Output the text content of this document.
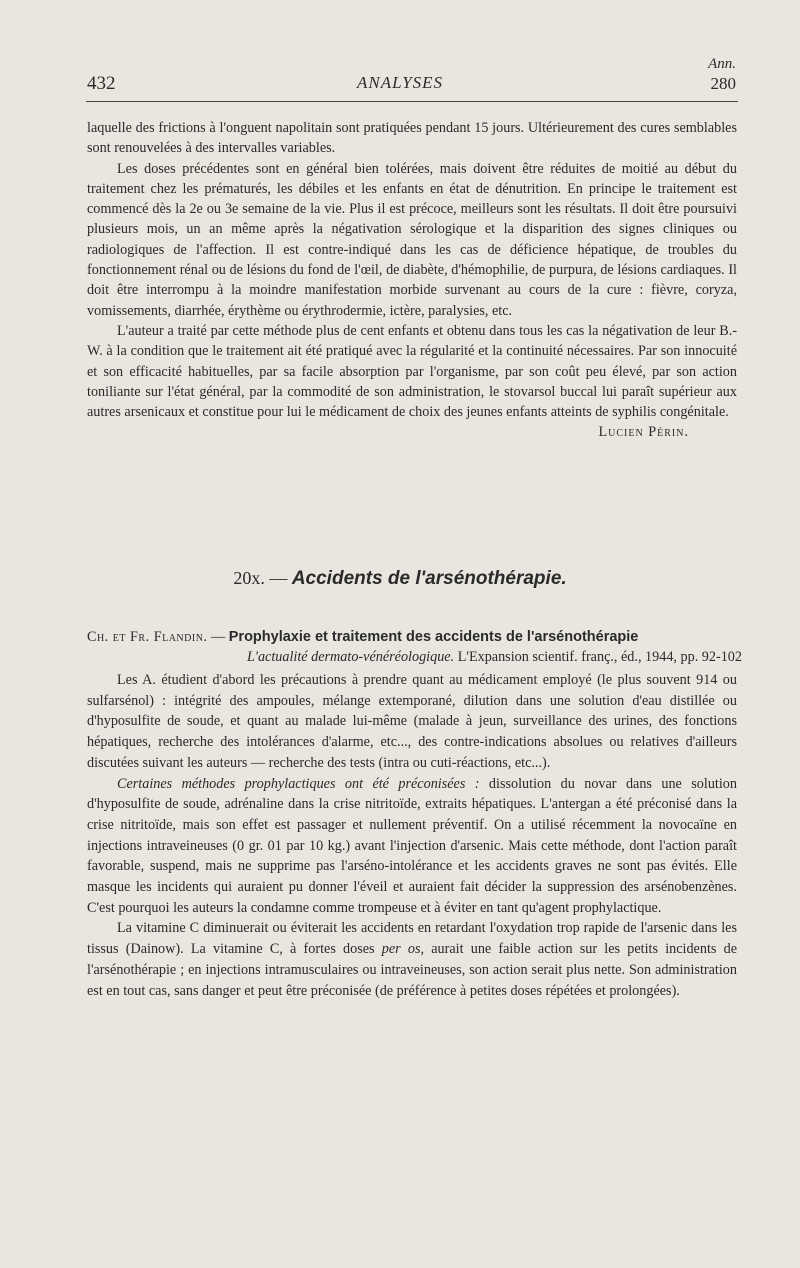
Ann.
432	ANALYSES	280

laquelle des frictions à l'onguent napolitain sont pratiquées pendant 15 jours. Ultérieurement des cures semblables sont renouvelées à des intervalles variables.

Les doses précédentes sont en général bien tolérées, mais doivent être réduites de moitié au début du traitement chez les prématurés, les débiles et les enfants en état de dénutrition. En principe le traitement est commencé dès la 2e ou 3e semaine de la vie. Plus il est précoce, meilleurs sont les résultats. Il doit être poursuivi plusieurs mois, un an même après la négativation sérologique et la disparition des signes cliniques ou radiologiques de l'affection. Il est contre-indiqué dans les cas de déficience hépatique, de troubles du fonctionnement rénal ou de lésions du fond de l'œil, de diabète, d'hémophilie, de purpura, de lésions cardiaques. Il doit être interrompu à la moindre manifestation morbide survenant au cours de la cure : fièvre, coryza, vomissements, diarrhée, érythème ou érythrodermie, ictère, paralysies, etc.

L'auteur a traité par cette méthode plus de cent enfants et obtenu dans tous les cas la négativation de leur B.-W. à la condition que le traitement ait été pratiqué avec la régularité et la continuité nécessaires. Par son innocuité et son efficacité habituelles, par sa facile absorption par l'organisme, par son coût peu élevé, par son action toniliante sur l'état général, par la commodité de son administration, le stovarsol buccal lui paraît supérieur aux autres arsenicaux et constitue pour lui le médicament de choix des jeunes enfants atteints de syphilis congénitale.

Lucien Périn.

20x. — Accidents de l'arsénothérapie.
Ch. et Fr. Flandin. — Prophylaxie et traitement des accidents de l'arsénothérapie
L'actualité dermato-vénéréologique. L'Expansion scientif. franç., éd., 1944, pp. 92-102

Les A. étudient d'abord les précautions à prendre quant au médicament employé (le plus souvent 914 ou sulfarsénol) : intégrité des ampoules, mélange extemporané, dilution dans une solution d'eau distillée ou d'hyposulfite de soude, et quant au malade lui-même (malade à jeun, surveillance des urines, des fonctions hépatiques, recherche des intolérances d'alarme, etc..., des contre-indications absolues ou relatives d'ailleurs discutées suivant les auteurs — recherche des tests (intra ou cuti-réactions, etc...).

Certaines méthodes prophylactiques ont été préconisées : dissolution du novar dans une solution d'hyposulfite de soude, adrénaline dans la crise nitritoïde, extraits hépatiques. L'antergan a été préconisé dans la crise nitritoïde, mais son effet est passager et nullement préventif. On a utilisé récemment la novocaïne en injections intraveineuses (0 gr. 01 par 10 kg.) avant l'injection d'arsenic. Mais cette méthode, dont l'action paraît favorable, suspend, mais ne supprime pas l'arséno-intolérance et les accidents graves ne sont pas évités. Elle masque les incidents qui auraient pu donner l'éveil et auraient fait décider la suppression des arsénobenzènes. C'est pourquoi les auteurs la condamne comme trompeuse et à éviter en tant qu'agent prophylactique.

La vitamine C diminuerait ou éviterait les accidents en retardant l'oxydation trop rapide de l'arsenic dans les tissus (Dainow). La vitamine C, à fortes doses per os, aurait une faible action sur les petits incidents de l'arsénothérapie ; en injections intramusculaires ou intraveineuses, son action serait plus nette. Son administration est en tout cas, sans danger et peut être préconisée (de préférence à petites doses répétées et prolongées).
